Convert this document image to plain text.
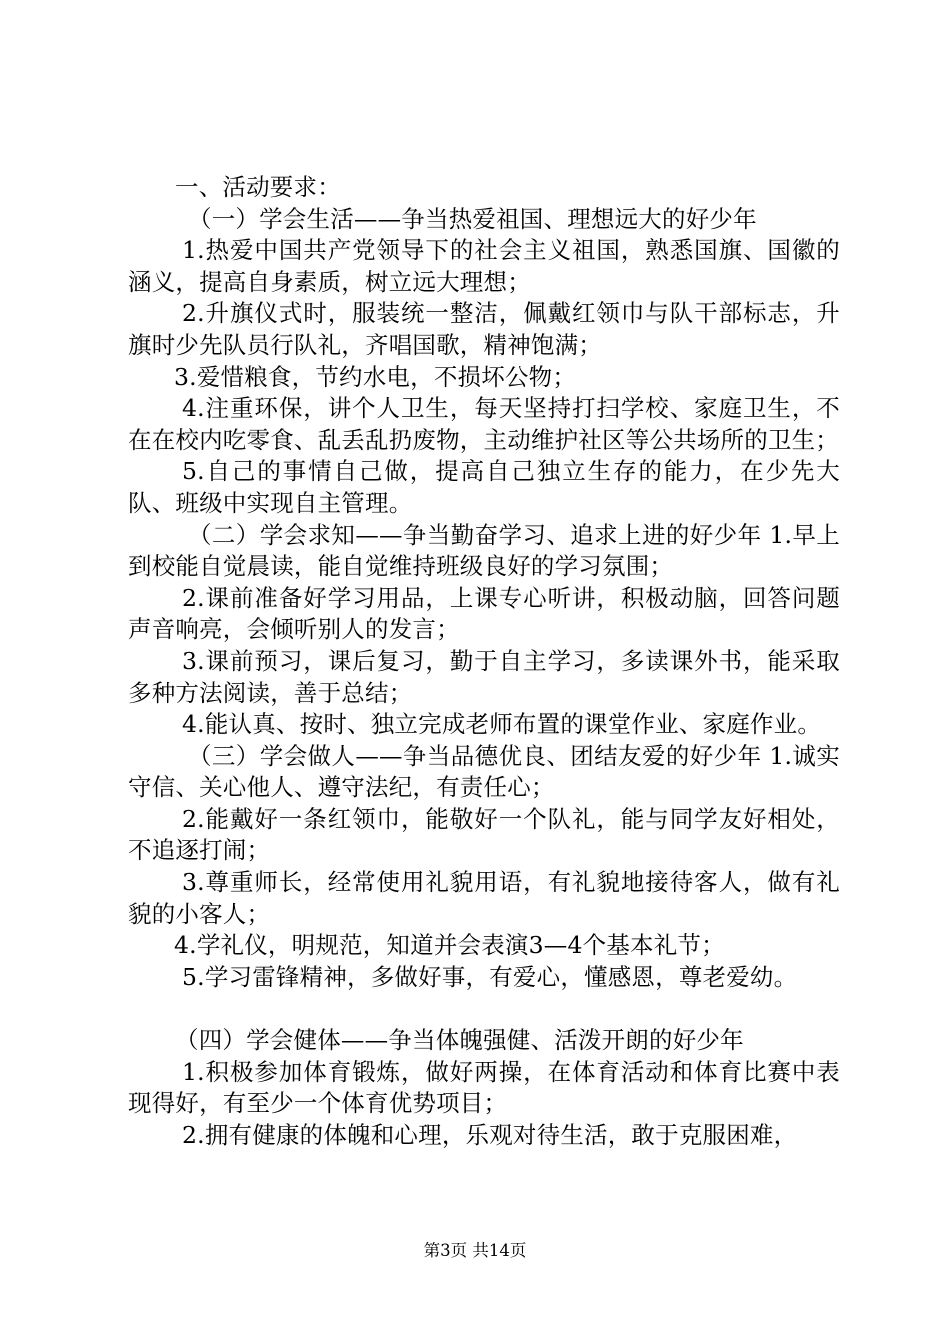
一、活动要求：

（一）学会生活——争当热爱祖国、理想远大的好少年

1.热爱中国共产党领导下的社会主义祖国，熟悉国旗、国徽的涵义，提高自身素质，树立远大理想；

2.升旗仪式时，服装统一整洁，佩戴红领巾与队干部标志，升旗时少先队员行队礼，齐唱国歌，精神饱满；

3.爱惜粮食，节约水电，不损坏公物；

4.注重环保，讲个人卫生，每天坚持打扫学校、家庭卫生，不在在校内吃零食、乱丢乱扔废物，主动维护社区等公共场所的卫生；

5.自己的事情自己做，提高自己独立生存的能力，在少先大队、班级中实现自主管理。

（二）学会求知——争当勤奋学习、追求上进的好少年 1.早上到校能自觉晨读，能自觉维持班级良好的学习氛围；

2.课前准备好学习用品，上课专心听讲，积极动脑，回答问题声音响亮，会倾听别人的发言；

3.课前预习，课后复习，勤于自主学习，多读课外书，能采取多种方法阅读，善于总结；

4.能认真、按时、独立完成老师布置的课堂作业、家庭作业。

（三）学会做人——争当品德优良、团结友爱的好少年 1.诚实守信、关心他人、遵守法纪，有责任心；

2.能戴好一条红领巾，能敬好一个队礼，能与同学友好相处，不追逐打闹；

3.尊重师长，经常使用礼貌用语，有礼貌地接待客人，做有礼貌的小客人；

4.学礼仪，明规范，知道并会表演3—4个基本礼节；

5.学习雷锋精神，多做好事，有爱心，懂感恩，尊老爱幼。

（四）学会健体——争当体魄强健、活泼开朗的好少年

1.积极参加体育锻炼，做好两操，在体育活动和体育比赛中表现得好，有至少一个体育优势项目；

2.拥有健康的体魄和心理，乐观对待生活，敢于克服困难，

第3页 共14页
